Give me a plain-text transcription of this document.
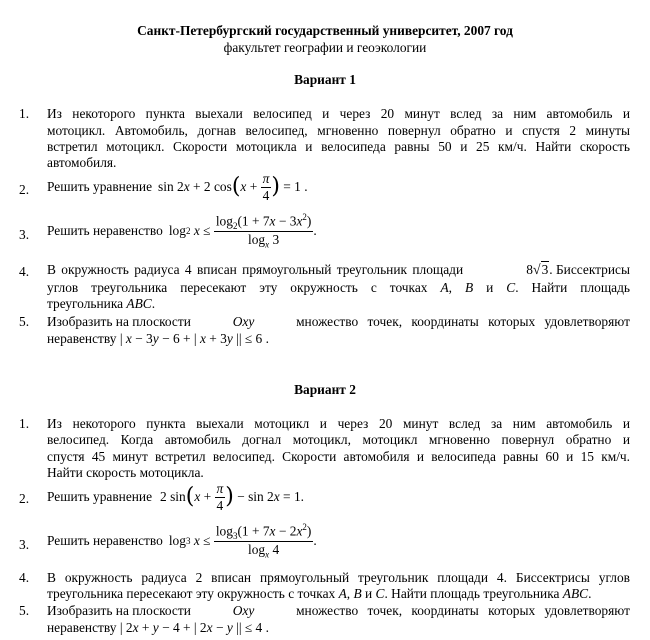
Санкт-Петербургский государственный университет, 2007 год
факультет географии и геоэкологии
Вариант 1
1. Из некоторого пункта выехали велосипед и через 20 минут вслед за ним автомобиль и
мотоцикл. Автомобиль, догнав велосипед, мгновенно повернул обратно и спустя 2 минуты
встретил мотоцикл. Скорости мотоцикла и велосипеда равны 50 и 25 км/ч. Найти скорость
автомобиля.
2. Решить уравнение sin 2 x + 2 cos ( $x + \frac{\pi}{4}$ ) = 1 .
3. Решить неравенство log 2
$x \le \frac{\log_2(1 + 7x - 3x^2)}{\log_x 3}$ .
4. В окружность радиуса 4 вписан прямоугольный треугольник площади	8√3. Биссектрисы
углов треугольника пересекают эту окружность с точках A, B и C. Найти площадь
треугольника ABC.
5. Изобразить на плоскости	Oxy	множество точек, координаты которых удовлетворяют
неравенству | x − 3y − 6 + | x + 3y || ≤ 6 .
Вариант 2
1. Из некоторого пункта выехали мотоцикл и через 20 минут вслед за ним автомобиль и
велосипед. Когда автомобиль догнал мотоцикл, мотоцикл мгновенно повернул обратно и
спустя 45 минут встретил велосипед. Скорости автомобиля и велосипеда равны 60 и 15 км/ч.
Найти скорость мотоцикла.
2. Решить уравнение 2 sin ( $x + \frac{\pi}{4}$ ) − sin 2 x = 1.
3. Решить неравенство log 3
$x \le \frac{\log_3(1 + 7x - 2x^2)}{\log_x 4}$ .
4. В окружность радиуса 2 вписан прямоугольный треугольник площади 4. Биссектрисы углов
треугольника пересекают эту окружность с точках A, B и C. Найти площадь треугольника ABC.
5. Изобразить на плоскости	Oxy	множество точек, координаты которых удовлетворяют
неравенству | 2x + y − 4 + | 2x − y || ≤ 4 .
